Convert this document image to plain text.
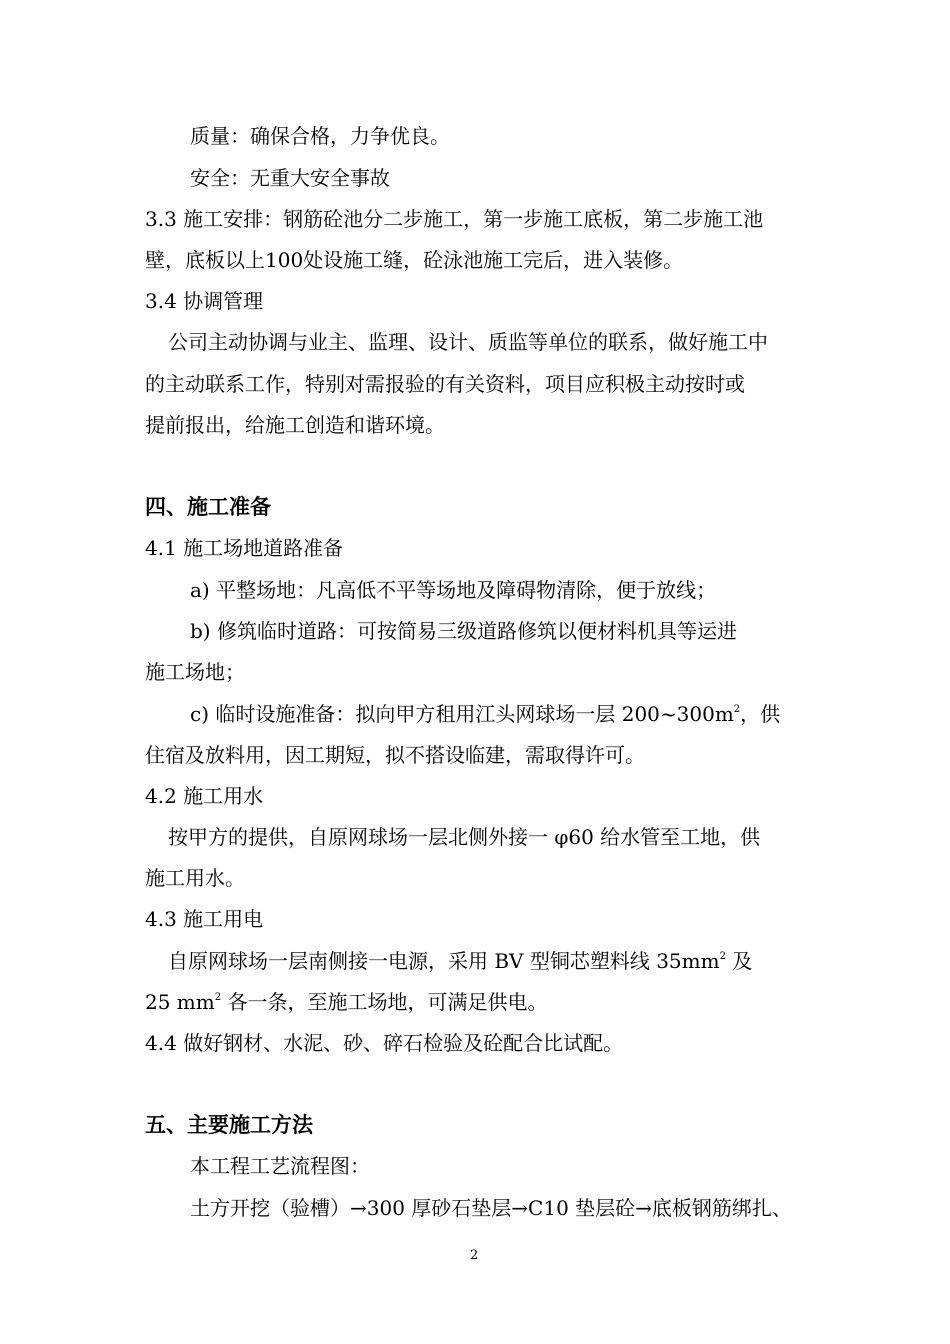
质量：确保合格，力争优良。
安全：无重大安全事故
3.3 施工安排：钢筋砼池分二步施工，第一步施工底板，第二步施工池
壁，底板以上100处设施工缝，砼泳池施工完后，进入装修。
3.4 协调管理
公司主动协调与业主、监理、设计、质监等单位的联系，做好施工中
的主动联系工作，特别对需报验的有关资料，项目应积极主动按时或
提前报出，给施工创造和谐环境。
四、施工准备
4.1 施工场地道路准备
a) 平整场地：凡高低不平等场地及障碍物清除，便于放线；
b) 修筑临时道路：可按简易三级道路修筑以便材料机具等运进
施工场地；
c) 临时设施准备：拟向甲方租用江头网球场一层 $200\sim 300m^2$，供
住宿及放料用，因工期短，拟不搭设临建，需取得许可。
4.2 施工用水
按甲方的提供，自原网球场一层北侧外接一 φ60 给水管至工地，供
施工用水。
4.3 施工用电
自原网球场一层南侧接一电源，采用 BV 型铜芯塑料线 $35mm^2$ 及
25 $mm^2$ 各一条，至施工场地，可满足供电。
4.4 做好钢材、水泥、砂、碎石检验及砼配合比试配。
五、主要施工方法
本工程工艺流程图：
土方开挖（验槽）→300 厚砂石垫层→C10 垫层砼→底板钢筋绑扎、
2
